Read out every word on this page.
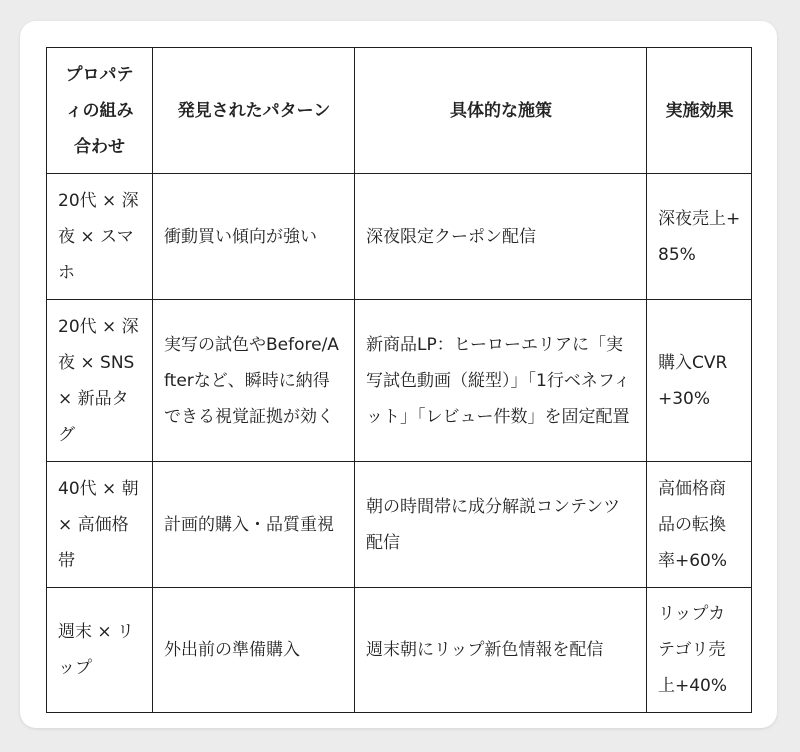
プロパティの組み合わせ	発見されたパターン	具体的な施策	実施効果
20代 × 深夜 × スマホ	衝動買い傾向が強い	深夜限定クーポン配信	深夜売上+85%
20代 × 深夜 × SNS × 新品タグ	実写の試色やBefore/Afterなど、瞬時に納得できる視覚証拠が効く	新商品LP：ヒーローエリアに「実写試色動画（縦型）」「1行ベネフィット」「レビュー件数」を固定配置	購入CVR+30%
40代 × 朝 × 高価格帯	計画的購入・品質重視	朝の時間帯に成分解説コンテンツ配信	高価格商品の転換率+60%
週末 × リップ	外出前の準備購入	週末朝にリップ新色情報を配信	リップカテゴリ売上+40%
